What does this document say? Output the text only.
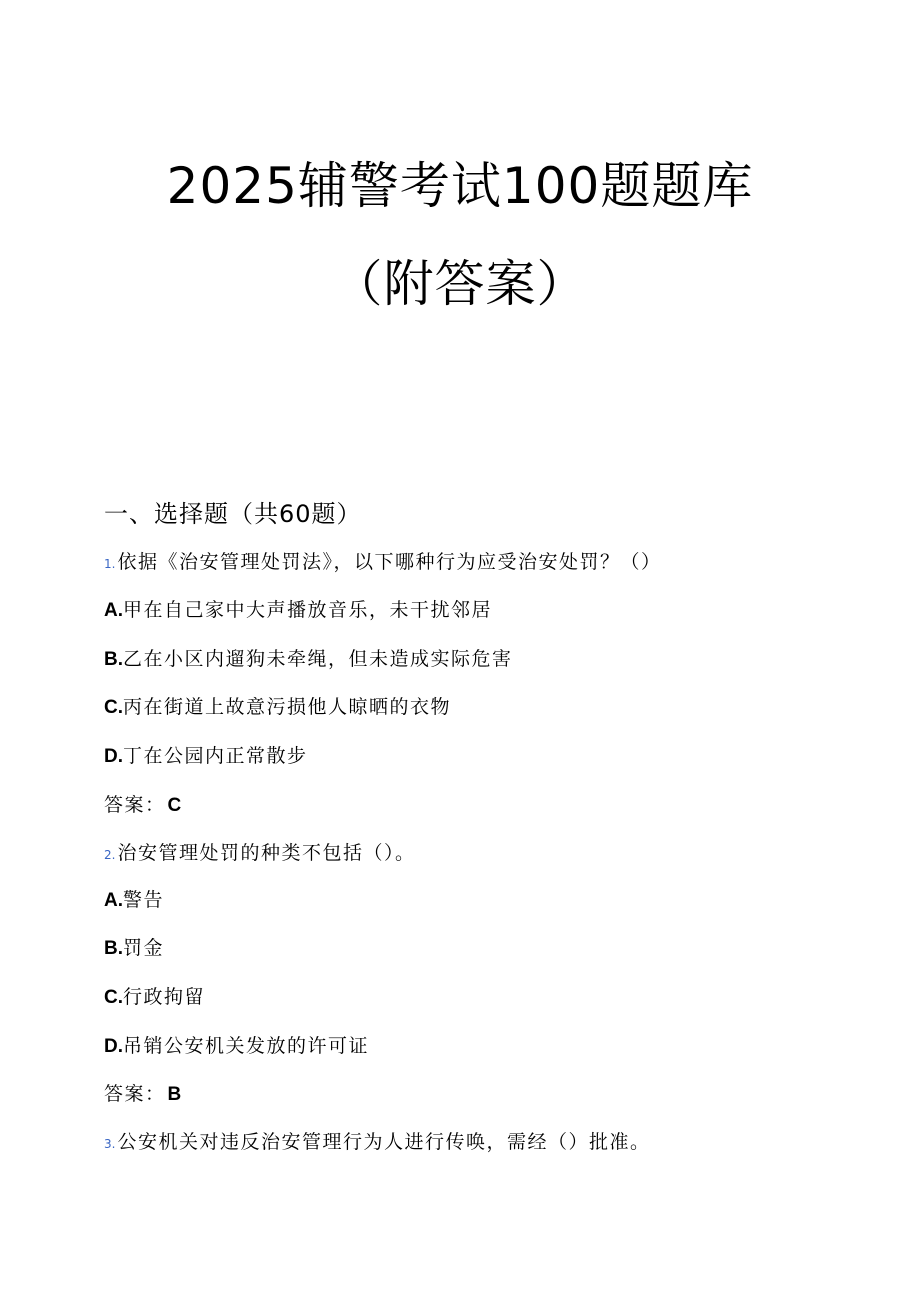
2025辅警考试100题题库
（附答案）
一、选择题（共60题）
1. 依据《治安管理处罚法》，以下哪种行为应受治安处罚？（）
A.甲在自己家中大声播放音乐，未干扰邻居
B.乙在小区内遛狗未牵绳，但未造成实际危害
C.丙在街道上故意污损他人晾晒的衣物
D.丁在公园内正常散步
答案： C
2. 治安管理处罚的种类不包括（）。
A.警告
B.罚金
C.行政拘留
D.吊销公安机关发放的许可证
答案： B
3. 公安机关对违反治安管理行为人进行传唤，需经（）批准。
